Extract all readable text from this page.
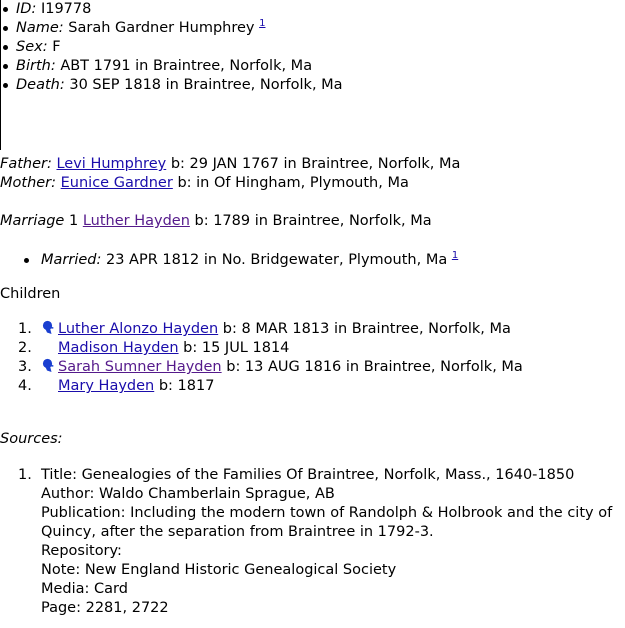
ID: I19778
Name: Sarah Gardner Humphrey $^1$
Sex: F
Birth: ABT 1791 in Braintree, Norfolk, Ma
Death: 30 SEP 1818 in Braintree, Norfolk, Ma
Father: Levi Humphrey b: 29 JAN 1767 in Braintree, Norfolk, Ma
Mother: Eunice Gardner b: in Of Hingham, Plymouth, Ma
Marriage 1 Luther Hayden b: 1789 in Braintree, Norfolk, Ma
Married: 23 APR 1812 in No. Bridgewater, Plymouth, Ma $^1$
Children
1.	Luther Alonzo Hayden b: 8 MAR 1813 in Braintree, Norfolk, Ma
2.	Madison Hayden b: 15 JUL 1814
3.	Sarah Sumner Hayden b: 13 AUG 1816 in Braintree, Norfolk, Ma
4.	Mary Hayden b: 1817
Sources:
1. Title: Genealogies of the Families Of Braintree, Norfolk, Mass., 1640-1850
Author: Waldo Chamberlain Sprague, AB
Publication: Including the modern town of Randolph & Holbrook and the city of
Quincy, after the separation from Braintree in 1792-3.
Repository:
Note: New England Historic Genealogical Society
Media: Card
Page: 2281, 2722
